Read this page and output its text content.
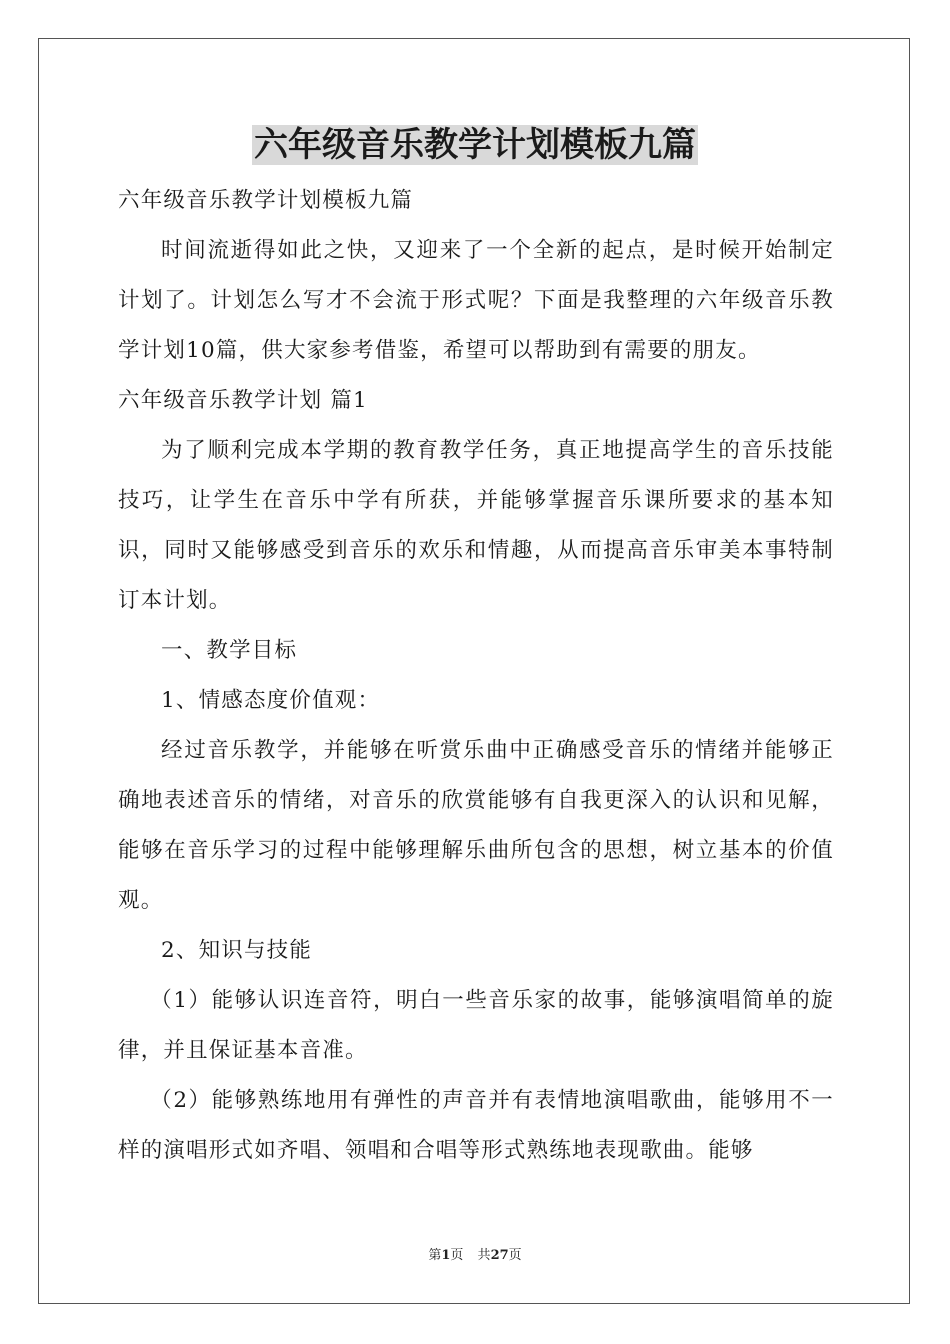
六年级音乐教学计划模板九篇

六年级音乐教学计划模板九篇

时间流逝得如此之快，又迎来了一个全新的起点，是时候开始制定计划了。计划怎么写才不会流于形式呢？下面是我整理的六年级音乐教学计划10篇，供大家参考借鉴，希望可以帮助到有需要的朋友。

六年级音乐教学计划 篇1

为了顺利完成本学期的教育教学任务，真正地提高学生的音乐技能技巧，让学生在音乐中学有所获，并能够掌握音乐课所要求的基本知识，同时又能够感受到音乐的欢乐和情趣，从而提高音乐审美本事特制订本计划。

一、教学目标

1、情感态度价值观：

经过音乐教学，并能够在听赏乐曲中正确感受音乐的情绪并能够正确地表述音乐的情绪，对音乐的欣赏能够有自我更深入的认识和见解，能够在音乐学习的过程中能够理解乐曲所包含的思想，树立基本的价值观。

2、知识与技能

（1）能够认识连音符，明白一些音乐家的故事，能够演唱简单的旋律，并且保证基本音准。

（2）能够熟练地用有弹性的声音并有表情地演唱歌曲，能够用不一样的演唱形式如齐唱、领唱和合唱等形式熟练地表现歌曲。能够

第1页 共27页
